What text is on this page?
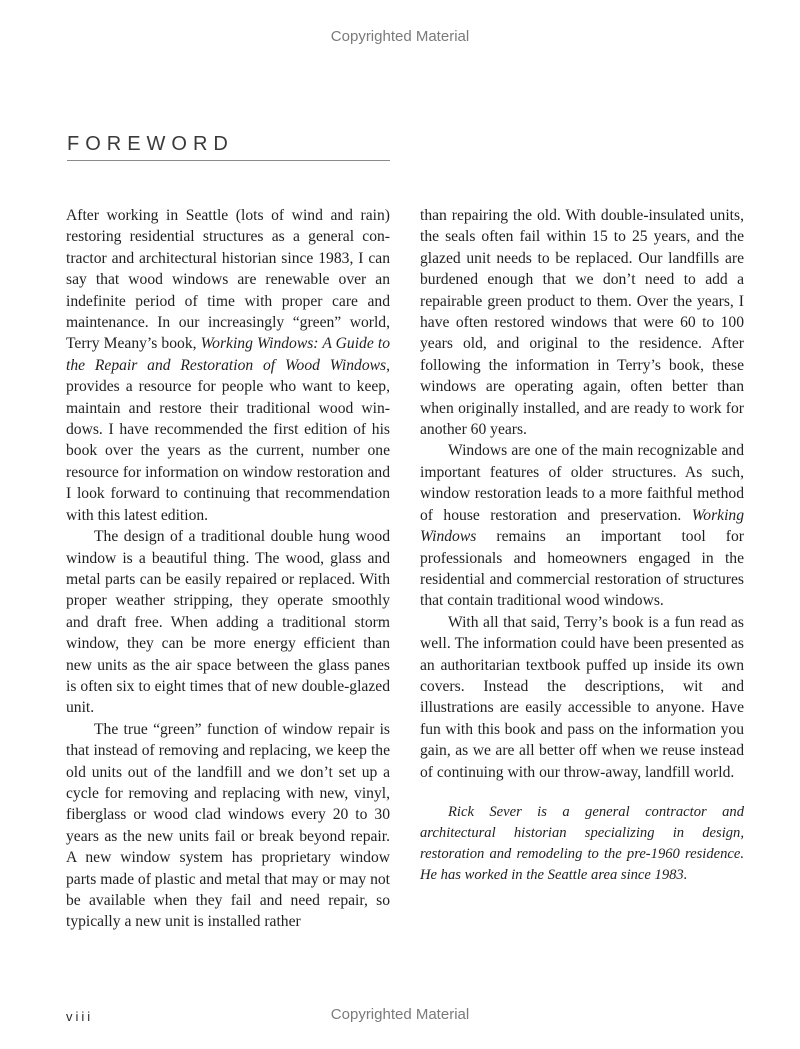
Copyrighted Material
FOREWORD

After working in Seattle (lots of wind and rain) restoring residential structures as a general contractor and architectural historian since 1983, I can say that wood windows are renewable over an indefinite period of time with proper care and maintenance. In our increasingly “green” world, Terry Meany’s book, Working Windows: A Guide to the Repair and Restoration of Wood Windows, provides a resource for people who want to keep, maintain and restore their traditional wood windows. I have recommended the first edition of his book over the years as the current, number one resource for information on window restoration and I look forward to continuing that recommendation with this latest edition.

The design of a traditional double hung wood window is a beautiful thing. The wood, glass and metal parts can be easily repaired or replaced. With proper weather stripping, they operate smoothly and draft free. When adding a traditional storm window, they can be more energy efficient than new units as the air space between the glass panes is often six to eight times that of new double-glazed unit.

The true “green” function of window repair is that instead of removing and replacing, we keep the old units out of the landfill and we don’t set up a cycle for removing and replacing with new, vinyl, fiberglass or wood clad windows every 20 to 30 years as the new units fail or break beyond repair. A new window system has proprietary window parts made of plastic and metal that may or may not be available when they fail and need repair, so typically a new unit is installed rather

than repairing the old. With double-insulated units, the seals often fail within 15 to 25 years, and the glazed unit needs to be replaced. Our landfills are burdened enough that we don’t need to add a repairable green product to them. Over the years, I have often restored windows that were 60 to 100 years old, and original to the residence. After following the information in Terry’s book, these windows are operating again, often better than when originally installed, and are ready to work for another 60 years.

Windows are one of the main recognizable and important features of older structures. As such, window restoration leads to a more faithful method of house restoration and preservation. Working Windows remains an important tool for professionals and homeowners engaged in the residential and commercial restoration of structures that contain traditional wood windows.

With all that said, Terry’s book is a fun read as well. The information could have been presented as an authoritarian textbook puffed up inside its own covers. Instead the descriptions, wit and illustrations are easily accessible to anyone. Have fun with this book and pass on the information you gain, as we are all better off when we reuse instead of continuing with our throw-away, landfill world.

Rick Sever is a general contractor and architectural historian specializing in design, restoration and remodeling to the pre-1960 residence. He has worked in the Seattle area since 1983.

viii	Copyrighted Material
